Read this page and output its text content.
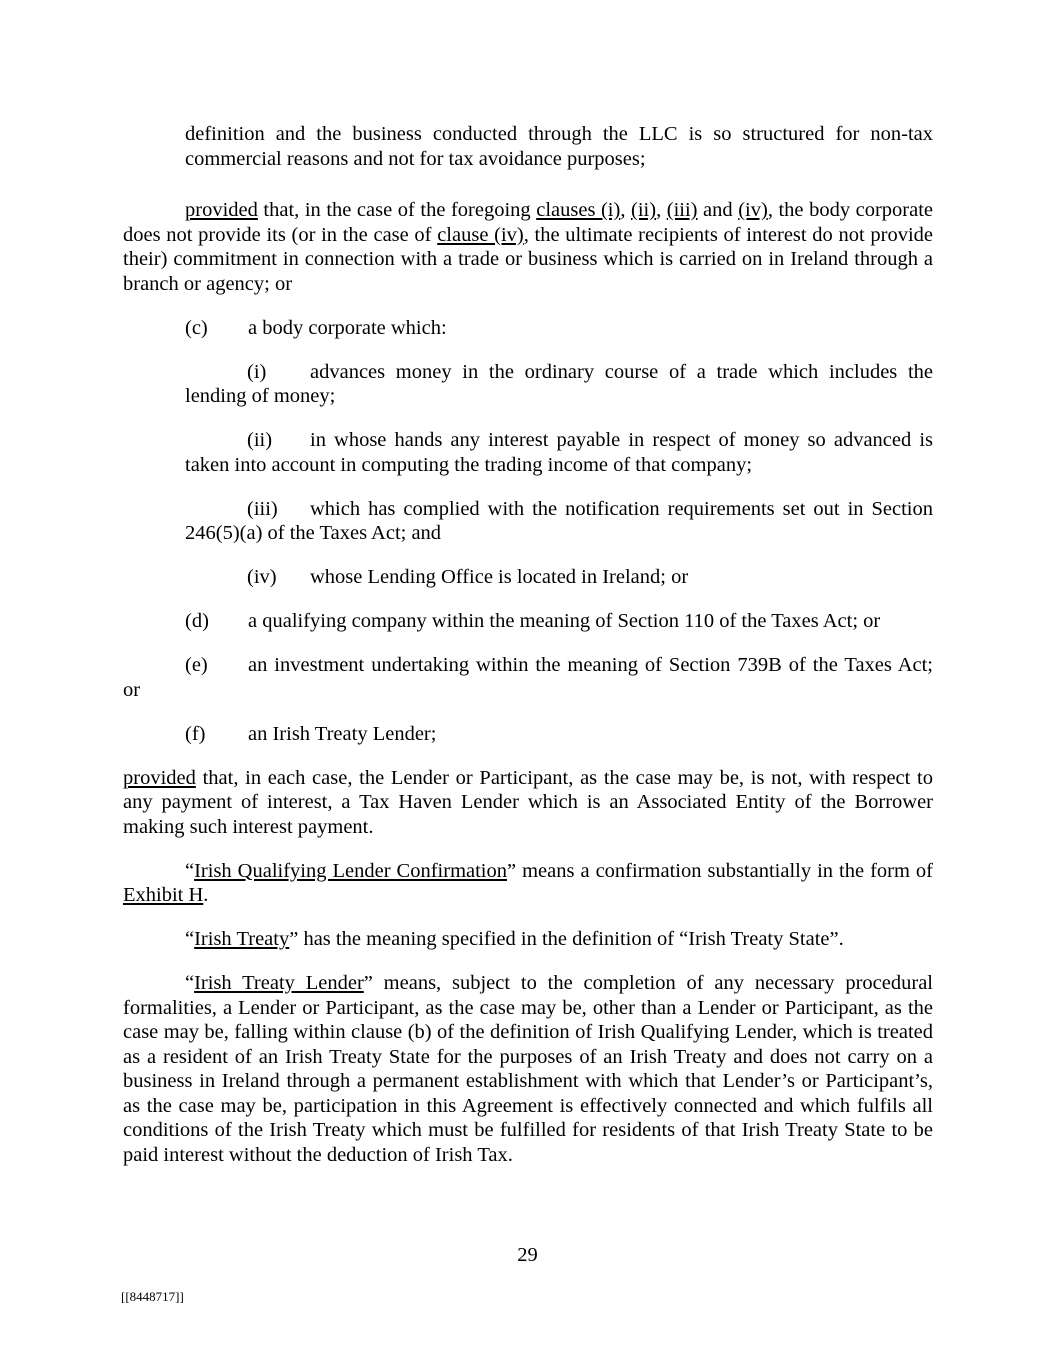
definition and the business conducted through the LLC is so structured for non-tax commercial reasons and not for tax avoidance purposes;

provided that, in the case of the foregoing clauses (i), (ii), (iii) and (iv), the body corporate does not provide its (or in the case of clause (iv), the ultimate recipients of interest do not provide their) commitment in connection with a trade or business which is carried on in Ireland through a branch or agency; or

(c) a body corporate which:

(i) advances money in the ordinary course of a trade which includes the lending of money;

(ii) in whose hands any interest payable in respect of money so advanced is taken into account in computing the trading income of that company;

(iii) which has complied with the notification requirements set out in Section 246(5)(a) of the Taxes Act; and

(iv) whose Lending Office is located in Ireland; or

(d) a qualifying company within the meaning of Section 110 of the Taxes Act; or

(e) an investment undertaking within the meaning of Section 739B of the Taxes Act;

or

(f) an Irish Treaty Lender;

provided that, in each case, the Lender or Participant, as the case may be, is not, with respect to any payment of interest, a Tax Haven Lender which is an Associated Entity of the Borrower making such interest payment.

“Irish Qualifying Lender Confirmation” means a confirmation substantially in the form of Exhibit H.

“Irish Treaty” has the meaning specified in the definition of “Irish Treaty State”.

“Irish Treaty Lender” means, subject to the completion of any necessary procedural formalities, a Lender or Participant, as the case may be, other than a Lender or Participant, as the case may be, falling within clause (b) of the definition of Irish Qualifying Lender, which is treated as a resident of an Irish Treaty State for the purposes of an Irish Treaty and does not carry on a business in Ireland through a permanent establishment with which that Lender’s or Participant’s, as the case may be, participation in this Agreement is effectively connected and which fulfils all conditions of the Irish Treaty which must be fulfilled for residents of that Irish Treaty State to be paid interest without the deduction of Irish Tax.

29
[[8448717]]
